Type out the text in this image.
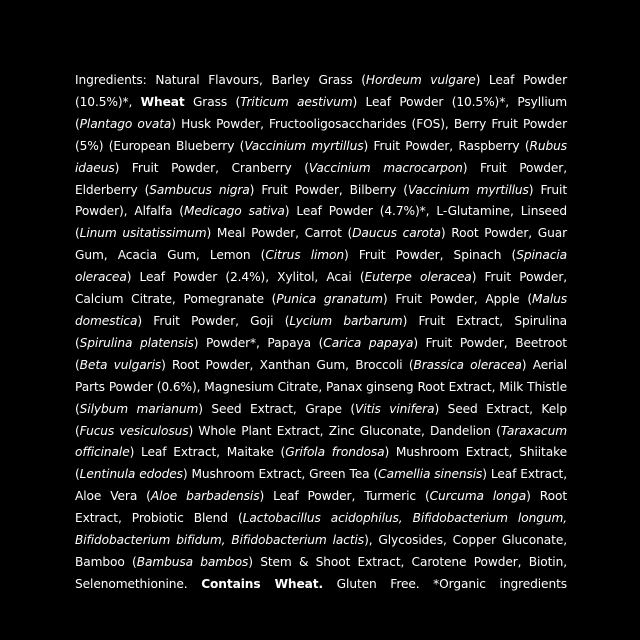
Ingredients: Natural Flavours, Barley Grass (Hordeum vulgare) Leaf Powder (10.5%)*, Wheat Grass (Triticum aestivum) Leaf Powder (10.5%)*, Psyllium (Plantago ovata) Husk Powder, Fructooligosaccharides (FOS), Berry Fruit Powder (5%) (European Blueberry (Vaccinium myrtillus) Fruit Powder, Raspberry (Rubus idaeus) Fruit Powder, Cranberry (Vaccinium macrocarpon) Fruit Powder, Elderberry (Sambucus nigra) Fruit Powder, Bilberry (Vaccinium myrtillus) Fruit Powder), Alfalfa (Medicago sativa) Leaf Powder (4.7%)*, L-Glutamine, Linseed (Linum usitatissimum) Meal Powder, Carrot (Daucus carota) Root Powder, Guar Gum, Acacia Gum, Lemon (Citrus limon) Fruit Powder, Spinach (Spinacia oleracea) Leaf Powder (2.4%), Xylitol, Acai (Euterpe oleracea) Fruit Powder, Calcium Citrate, Pomegranate (Punica granatum) Fruit Powder, Apple (Malus domestica) Fruit Powder, Goji (Lycium barbarum) Fruit Extract, Spirulina (Spirulina platensis) Powder*, Papaya (Carica papaya) Fruit Powder, Beetroot (Beta vulgaris) Root Powder, Xanthan Gum, Broccoli (Brassica oleracea) Aerial Parts Powder (0.6%), Magnesium Citrate, Panax ginseng Root Extract, Milk Thistle (Silybum marianum) Seed Extract, Grape (Vitis vinifera) Seed Extract, Kelp (Fucus vesiculosus) Whole Plant Extract, Zinc Gluconate, Dandelion (Taraxacum officinale) Leaf Extract, Maitake (Grifola frondosa) Mushroom Extract, Shiitake (Lentinula edodes) Mushroom Extract, Green Tea (Camellia sinensis) Leaf Extract, Aloe Vera (Aloe barbadensis) Leaf Powder, Turmeric (Curcuma longa) Root Extract, Probiotic Blend (Lactobacillus acidophilus, Bifidobacterium longum, Bifidobacterium bifidum, Bifidobacterium lactis), Glycosides, Copper Gluconate, Bamboo (Bambusa bambos) Stem & Shoot Extract, Carotene Powder, Biotin, Selenomethionine. Contains Wheat. Gluten Free. *Organic ingredients
